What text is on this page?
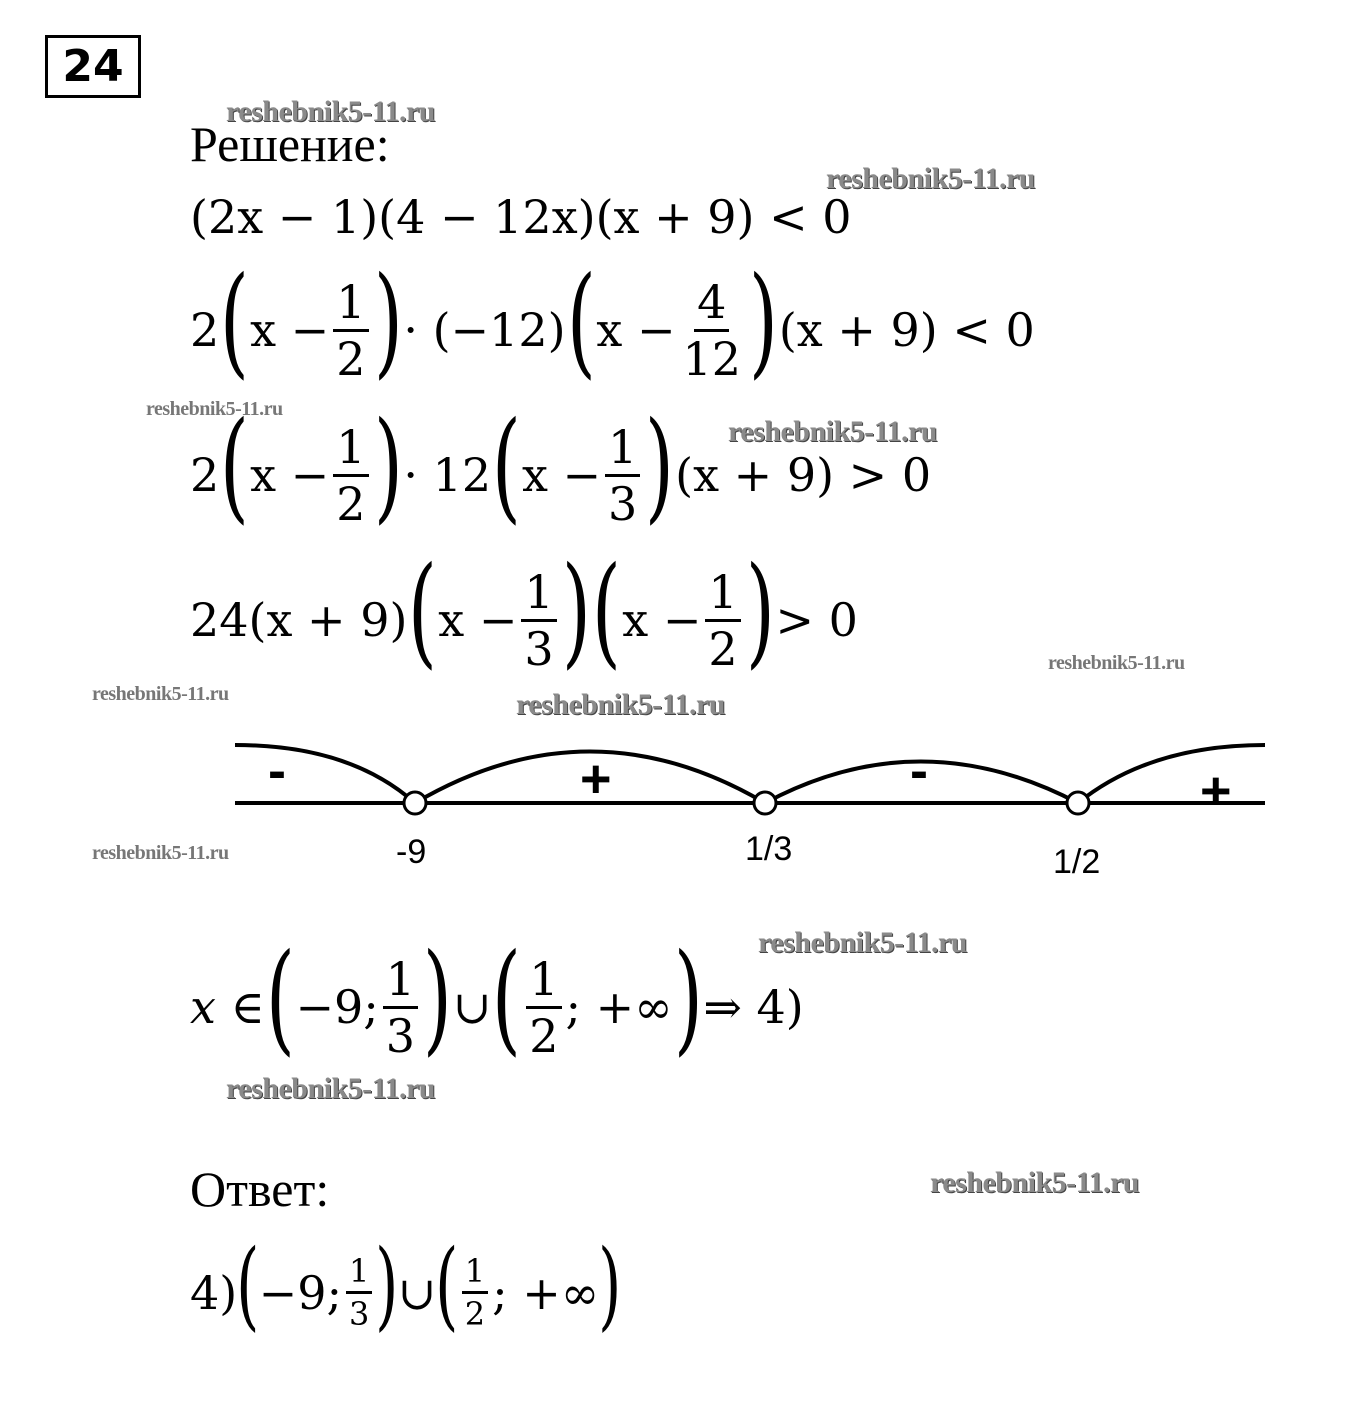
24
reshebnik5-11.ru
reshebnik5-11.ru
reshebnik5-11.ru
reshebnik5-11.ru
reshebnik5-11.ru
reshebnik5-11.ru	reshebnik5-11.ru
reshebnik5-11.ru
reshebnik5-11.ru
reshebnik5-11.ru
reshebnik5-11.ru
Решение:
(2x − 1)(4 − 12x)(x + 9) < 0
2 ( $x - \frac{1}{2}$ ) · (−12) ( $x - \frac{4}{12}$ ) (x + 9) < 0
2 ( $x - \frac{1}{2}$ ) · 12 ( $x - \frac{1}{3}$ ) (x + 9) > 0
24(x + 9) ( $x - \frac{1}{3}$ ) ( $x - \frac{1}{2}$ ) > 0
-	+	-	+
-9	1/3	1/2
x ∈ ( −9; $\frac{1}{3}$ ) ∪ ( $\frac{1}{2}$ ; +∞ ) ⇒ 4)
Ответ:
4) ( −9; $\frac{1}{3}$ ) ∪ ( $\frac{1}{2}$ ; +∞ )
